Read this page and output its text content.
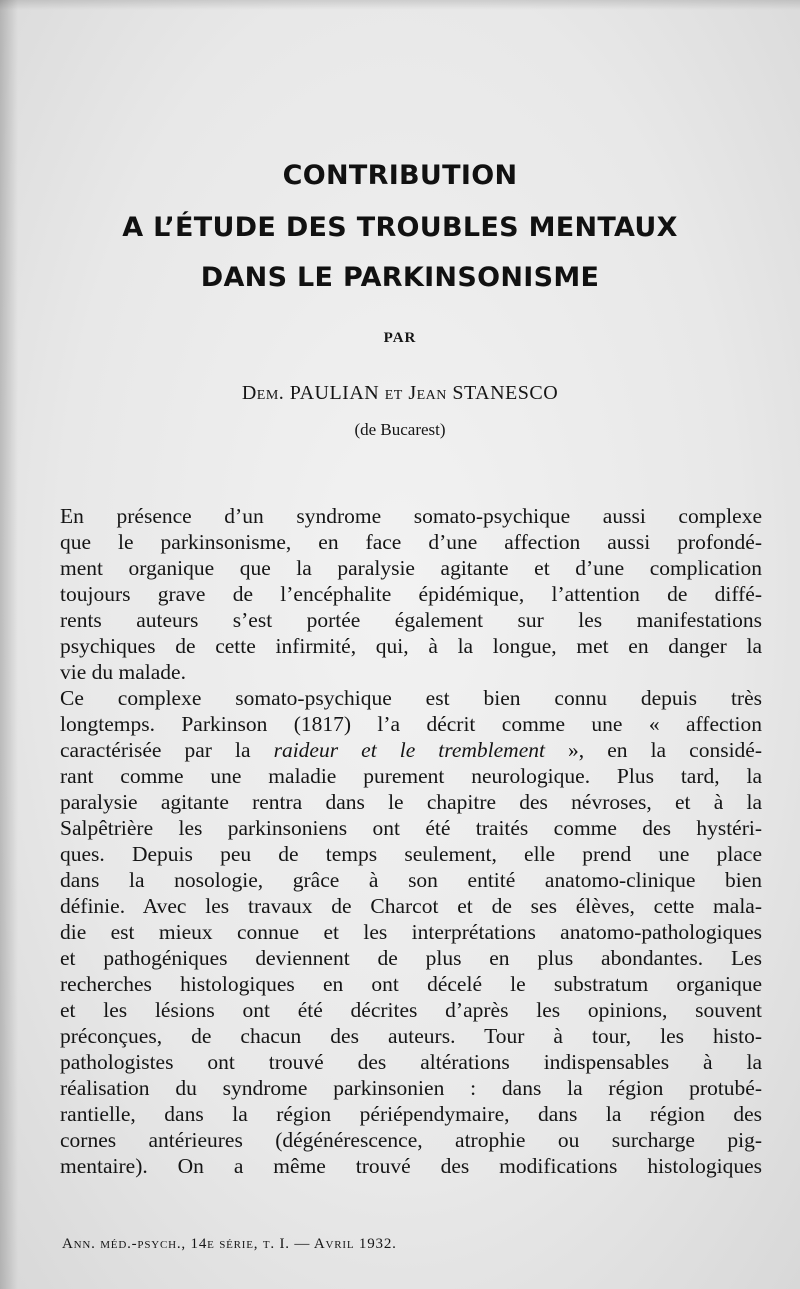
CONTRIBUTION
A L’ÉTUDE DES TROUBLES MENTAUX
DANS LE PARKINSONISME
PAR
Dem. PAULIAN et Jean STANESCO
(de Bucarest)
En présence d’un syndrome somato-psychique aussi complexe
que le parkinsonisme, en face d’une affection aussi profondé-
ment organique que la paralysie agitante et d’une complication
toujours grave de l’encéphalite épidémique, l’attention de diffé-
rents auteurs s’est portée également sur les manifestations
psychiques de cette infirmité, qui, à la longue, met en danger la
vie du malade.
Ce complexe somato-psychique est bien connu depuis très
longtemps. Parkinson (1817) l’a décrit comme une « affection
caractérisée par la raideur et le tremblement », en la considé-
rant comme une maladie purement neurologique. Plus tard, la
paralysie agitante rentra dans le chapitre des névroses, et à la
Salpêtrière les parkinsoniens ont été traités comme des hystéri-
ques. Depuis peu de temps seulement, elle prend une place
dans la nosologie, grâce à son entité anatomo-clinique bien
définie. Avec les travaux de Charcot et de ses élèves, cette mala-
die est mieux connue et les interprétations anatomo-pathologiques
et pathogéniques deviennent de plus en plus abondantes. Les
recherches histologiques en ont décelé le substratum organique
et les lésions ont été décrites d’après les opinions, souvent
préconçues, de chacun des auteurs. Tour à tour, les histo-
pathologistes ont trouvé des altérations indispensables à la
réalisation du syndrome parkinsonien : dans la région protubé-
rantielle, dans la région périépendymaire, dans la région des
cornes antérieures (dégénérescence, atrophie ou surcharge pig-
mentaire). On a même trouvé des modifications histologiques
Ann. méd.-psych., 14e série, t. I. — Avril 1932.
